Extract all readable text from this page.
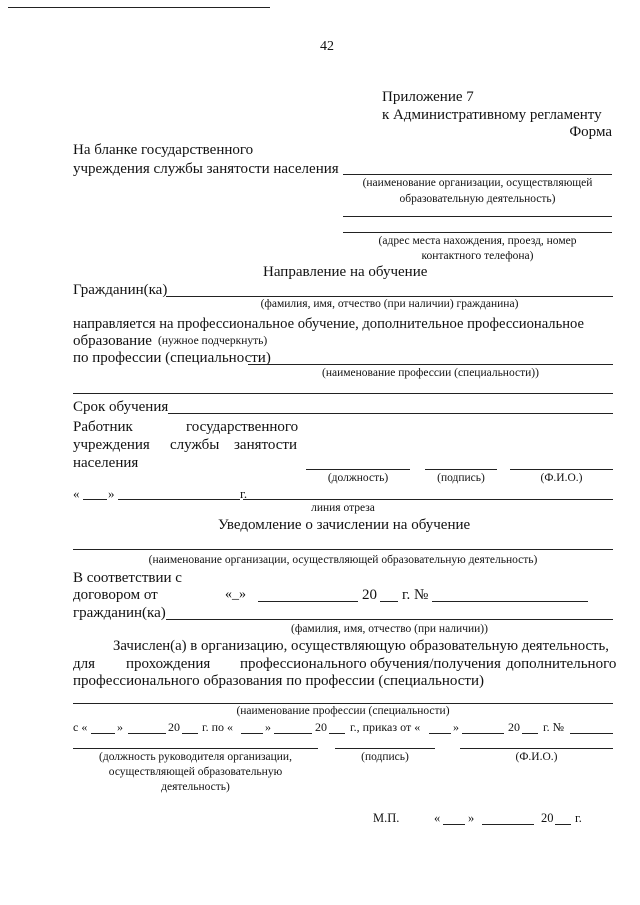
42
Приложение 7
к Административному регламенту
Форма
На бланке государственного
учреждения службы занятости населения
(наименование организации, осуществляющей
образовательную деятельность)
(адрес места нахождения, проезд, номер
контактного телефона)
Направление на обучение
Гражданин(ка)
(фамилия, имя, отчество (при наличии) гражданина)
направляется на профессиональное обучение, дополнительное профессиональное
образование (нужное подчеркнуть)
по профессии (специальности)
(наименование профессии (специальности))
Срок обучения
Работник	государственного
учреждения службы занятости
населения
(должность)	(подпись)	(Ф.И.О.)
« »	г.
линия отреза
Уведомление о зачислении на обучение
(наименование организации, осуществляющей образовательную деятельность)
В соответствии с
договором от	«_»	20 г. №
гражданин(ка)
(фамилия, имя, отчество (при наличии))
Зачислен(а) в организацию, осуществляющую образовательную деятельность,
для прохождения профессионального обучения/получения дополнительного
профессионального образования по профессии (специальности)
(наименование профессии (специальности)
с « »	20 г. по «	»	20 г., приказ от «	»	20 г. №
(должность руководителя организации,
осуществляющей образовательную
деятельность)
(подпись)	(Ф.И.О.)
М.П.	« »	20 г.
